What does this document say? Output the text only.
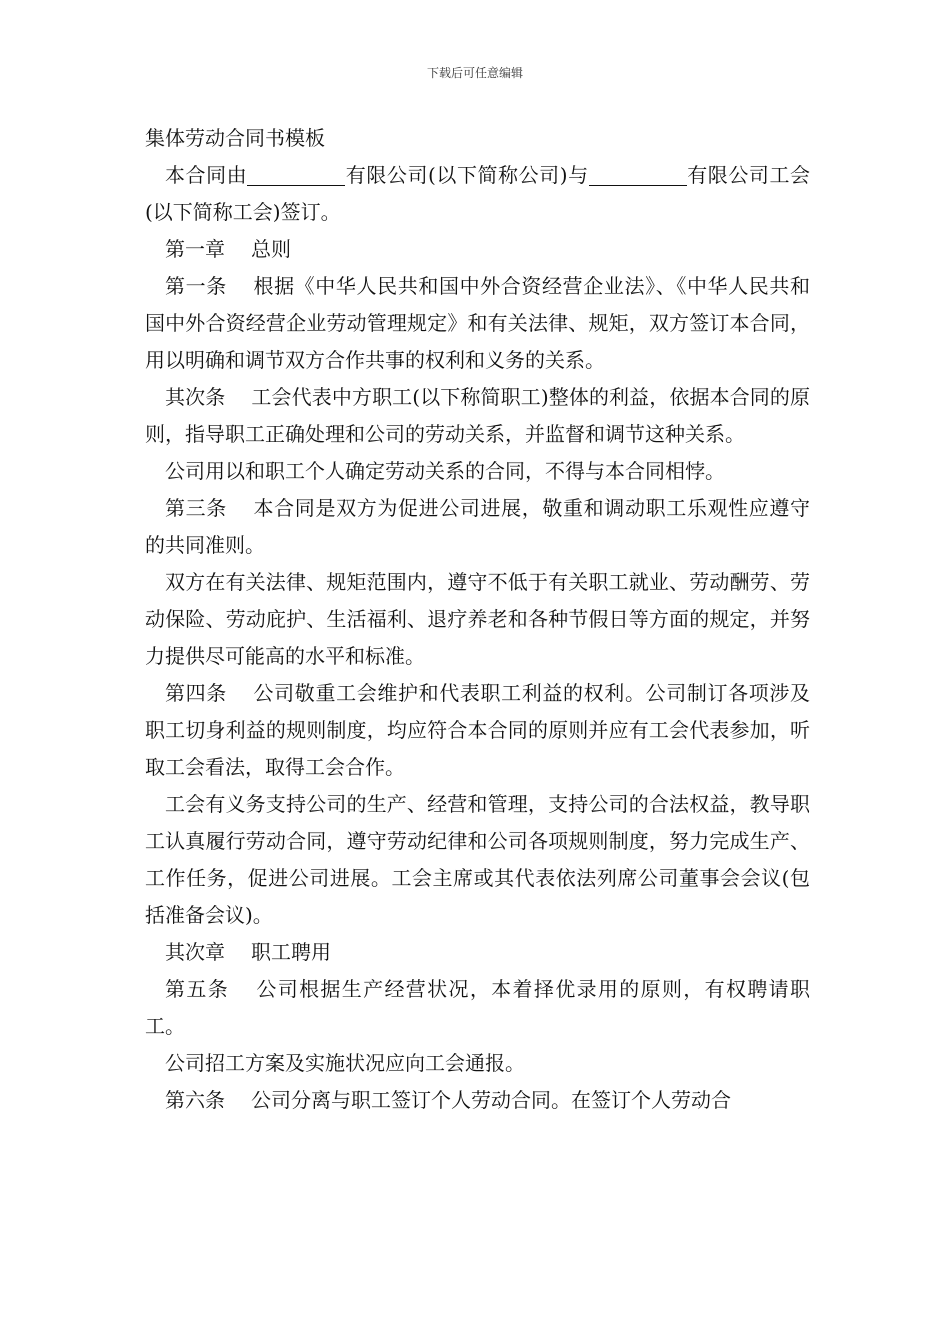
下载后可任意编辑
集体劳动合同书模板

本合同由	有限公司(以下简称公司)与	有限公司工会(以下简称工会)签订。

第一章 总则

第一条 根据《中华人民共和国中外合资经营企业法》、《中华人民共和国中外合资经营企业劳动管理规定》和有关法律、规矩，双方签订本合同，用以明确和调节双方合作共事的权利和义务的关系。

其次条 工会代表中方职工(以下称简职工)整体的利益，依据本合同的原则，指导职工正确处理和公司的劳动关系，并监督和调节这种关系。

公司用以和职工个人确定劳动关系的合同，不得与本合同相悖。

第三条 本合同是双方为促进公司进展，敬重和调动职工乐观性应遵守的共同准则。

双方在有关法律、规矩范围内，遵守不低于有关职工就业、劳动酬劳、劳动保险、劳动庇护、生活福利、退疗养老和各种节假日等方面的规定，并努力提供尽可能高的水平和标准。

第四条 公司敬重工会维护和代表职工利益的权利。公司制订各项涉及职工切身利益的规则制度，均应符合本合同的原则并应有工会代表参加，听取工会看法，取得工会合作。

工会有义务支持公司的生产、经营和管理，支持公司的合法权益，教导职工认真履行劳动合同，遵守劳动纪律和公司各项规则制度，努力完成生产、工作任务，促进公司进展。工会主席或其代表依法列席公司董事会会议(包括准备会议)。

其次章 职工聘用

第五条 公司根据生产经营状况，本着择优录用的原则，有权聘请职工。

公司招工方案及实施状况应向工会通报。

第六条 公司分离与职工签订个人劳动合同。在签订个人劳动合
